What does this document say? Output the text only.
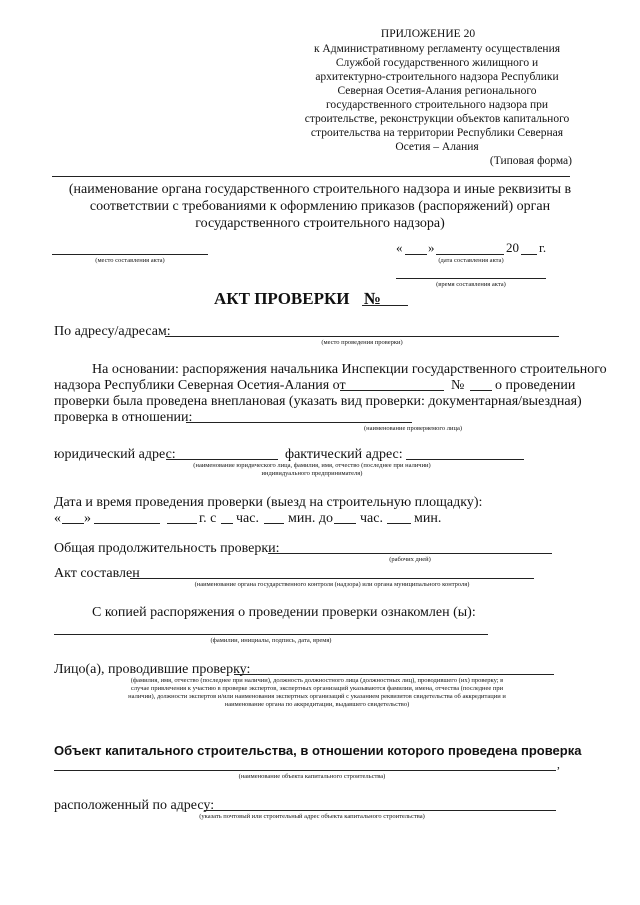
ПРИЛОЖЕНИЕ 20
к Административному регламенту осуществления
Службой государственного жилищного и
архитектурно-строительного надзора Республики
Северная Осетия-Алания регионального
государственного строительного надзора при
строительстве, реконструкции объектов капитального
строительства на территории Республики Северная
Осетия – Алания
(Типовая форма)
(наименование органа государственного строительного надзора и иные реквизиты в
соответствии с требованиями к оформлению приказов (распоряжений) орган
государственного строительного надзора)
(место составления акта)
« »	20 г.
(дата составления акта)
(время составления акта)
АКТ ПРОВЕРКИ №
По адресу/адресам:
(место проведения проверки)
На основании: распоряжения начальника Инспекции государственного строительного
надзора Республики Северная Осетия-Алания от	№ о проведении
проверки была проведена внеплановая (указать вид проверки: документарная/выездная)
проверка в отношении:
(наименование проверяемого лица)
юридический адрес:	фактический адрес:
(наименование юридического лица, фамилия, имя, отчество (последнее при наличии)
индивидуального предпринимателя)
Дата и время проведения проверки (выезд на строительную площадку):
« »	г. с час. мин. до час. мин.
Общая продолжительность проверки:
(рабочих дней)
Акт составлен
(наименование органа государственного контроля (надзора) или органа муниципального контроля)
С копией распоряжения о проведении проверки ознакомлен (ы):
(фамилии, инициалы, подпись, дата, время)
Лицо(а), проводившие проверку:
(фамилия, имя, отчество (последнее при наличии), должность должностного лица (должностных лиц), проводившего (их) проверку; в
случае привлечения к участию в проверке экспертов, экспертных организаций указываются фамилии, имена, отчества (последнее при
наличии), должности экспертов и/или наименования экспертных организаций с указанием реквизитов свидетельства об аккредитации и
наименование органа по аккредитации, выдавшего свидетельство)
Объект капитального строительства, в отношении которого проведена проверка
,
(наименование объекта капитального строительства)
расположенный по адресу:
(указать почтовый или строительный адрес объекта капитального строительства)
